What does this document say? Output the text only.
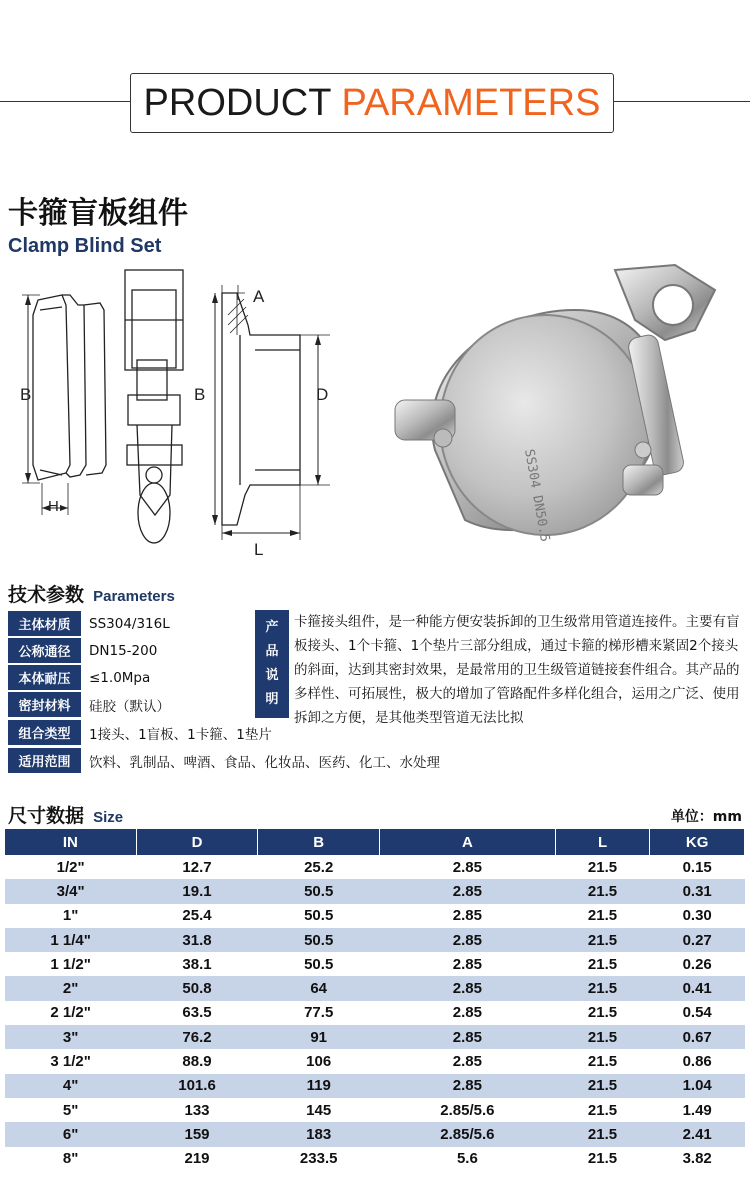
PRODUCT PARAMETERS
卡箍盲板组件
Clamp Blind Set
B
H
A
B	D
L
SS304 DN50.5
技术参数 Parameters
主体材质	SS304/316L
公称通径	DN15-200
本体耐压	≤1.0Mpa
密封材料	硅胶（默认）
组合类型	1接头、1盲板、1卡箍、1垫片
适用范围	饮料、乳制品、啤酒、食品、化妆品、医药、化工、水处理
产
品
说
明
卡箍接头组件，是一种能方便安装拆卸的卫生级常用管道连接件。主要有盲板接头、1个卡箍、1个垫片三部分组成，通过卡箍的梯形槽来紧固2个接头的斜面，达到其密封效果，是最常用的卫生级管道链接套件组合。其产品的多样性、可拓展性，极大的增加了管路配件多样化组合，运用之广泛、使用拆卸之方便，是其他类型管道无法比拟
尺寸数据 Size	单位：mm
IN	D	B	A	L	KG
1/2"	12.7	25.2	2.85	21.5	0.15
3/4"	19.1	50.5	2.85	21.5	0.31
1"	25.4	50.5	2.85	21.5	0.30
1 1/4"	31.8	50.5	2.85	21.5	0.27
1 1/2"	38.1	50.5	2.85	21.5	0.26
2"	50.8	64	2.85	21.5	0.41
2 1/2"	63.5	77.5	2.85	21.5	0.54
3"	76.2	91	2.85	21.5	0.67
3 1/2"	88.9	106	2.85	21.5	0.86
4"	101.6	119	2.85	21.5	1.04
5"	133	145	2.85/5.6	21.5	1.49
6"	159	183	2.85/5.6	21.5	2.41
8"	219	233.5	5.6	21.5	3.82
